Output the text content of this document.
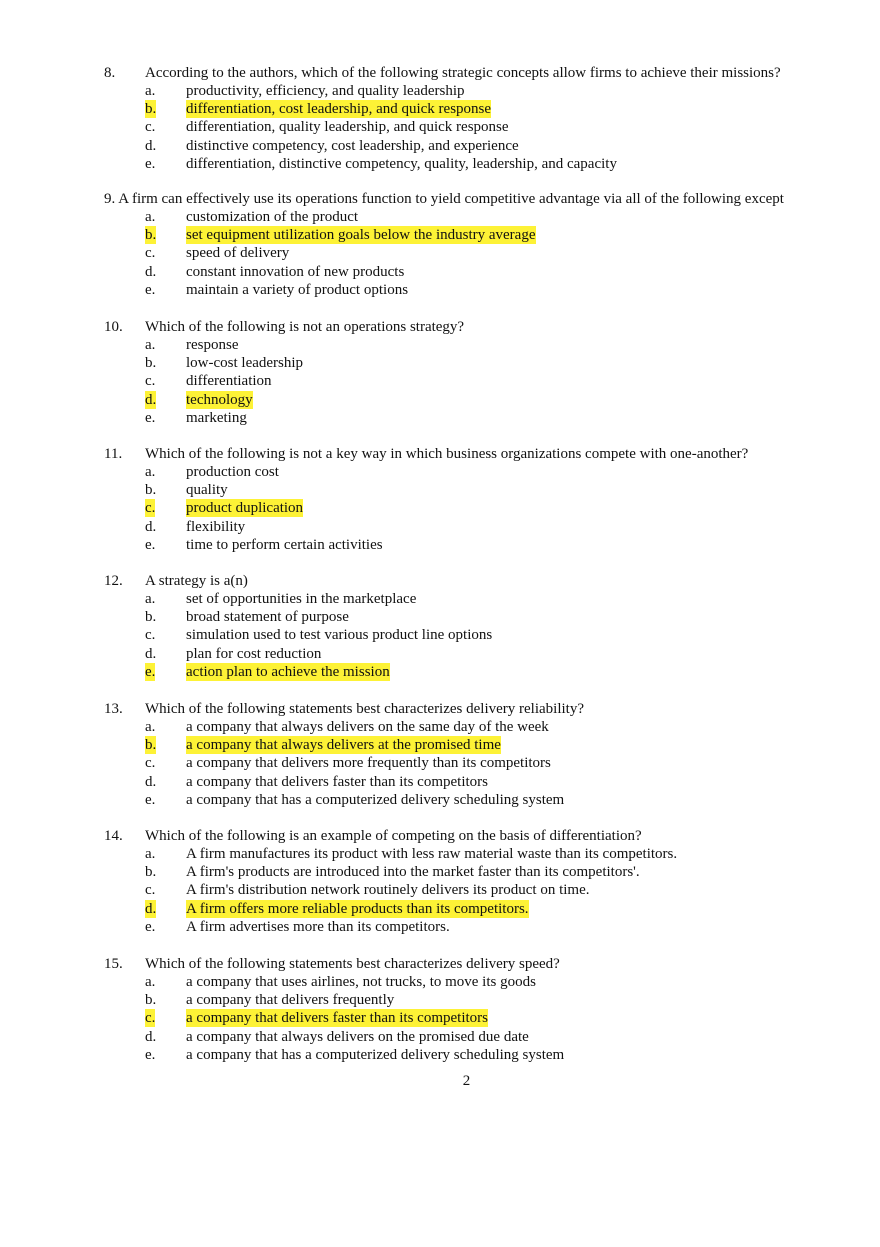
8. According to the authors, which of the following strategic concepts allow firms to achieve their missions?
a. productivity, efficiency, and quality leadership
b. differentiation, cost leadership, and quick response
c. differentiation, quality leadership, and quick response
d. distinctive competency, cost leadership, and experience
e. differentiation, distinctive competency, quality, leadership, and capacity
9. A firm can effectively use its operations function to yield competitive advantage via all of the following except
a. customization of the product
b. set equipment utilization goals below the industry average
c. speed of delivery
d. constant innovation of new products
e. maintain a variety of product options
10. Which of the following is not an operations strategy?
a. response
b. low-cost leadership
c. differentiation
d. technology
e. marketing
11. Which of the following is not a key way in which business organizations compete with one-another?
a. production cost
b. quality
c. product duplication
d. flexibility
e. time to perform certain activities
12. A strategy is a(n)
a. set of opportunities in the marketplace
b. broad statement of purpose
c. simulation used to test various product line options
d. plan for cost reduction
e. action plan to achieve the mission
13. Which of the following statements best characterizes delivery reliability?
a. a company that always delivers on the same day of the week
b. a company that always delivers at the promised time
c. a company that delivers more frequently than its competitors
d. a company that delivers faster than its competitors
e. a company that has a computerized delivery scheduling system
14. Which of the following is an example of competing on the basis of differentiation?
a. A firm manufactures its product with less raw material waste than its competitors.
b. A firm's products are introduced into the market faster than its competitors'.
c. A firm's distribution network routinely delivers its product on time.
d. A firm offers more reliable products than its competitors.
e. A firm advertises more than its competitors.
15. Which of the following statements best characterizes delivery speed?
a. a company that uses airlines, not trucks, to move its goods
b. a company that delivers frequently
c. a company that delivers faster than its competitors
d. a company that always delivers on the promised due date
e. a company that has a computerized delivery scheduling system
2
